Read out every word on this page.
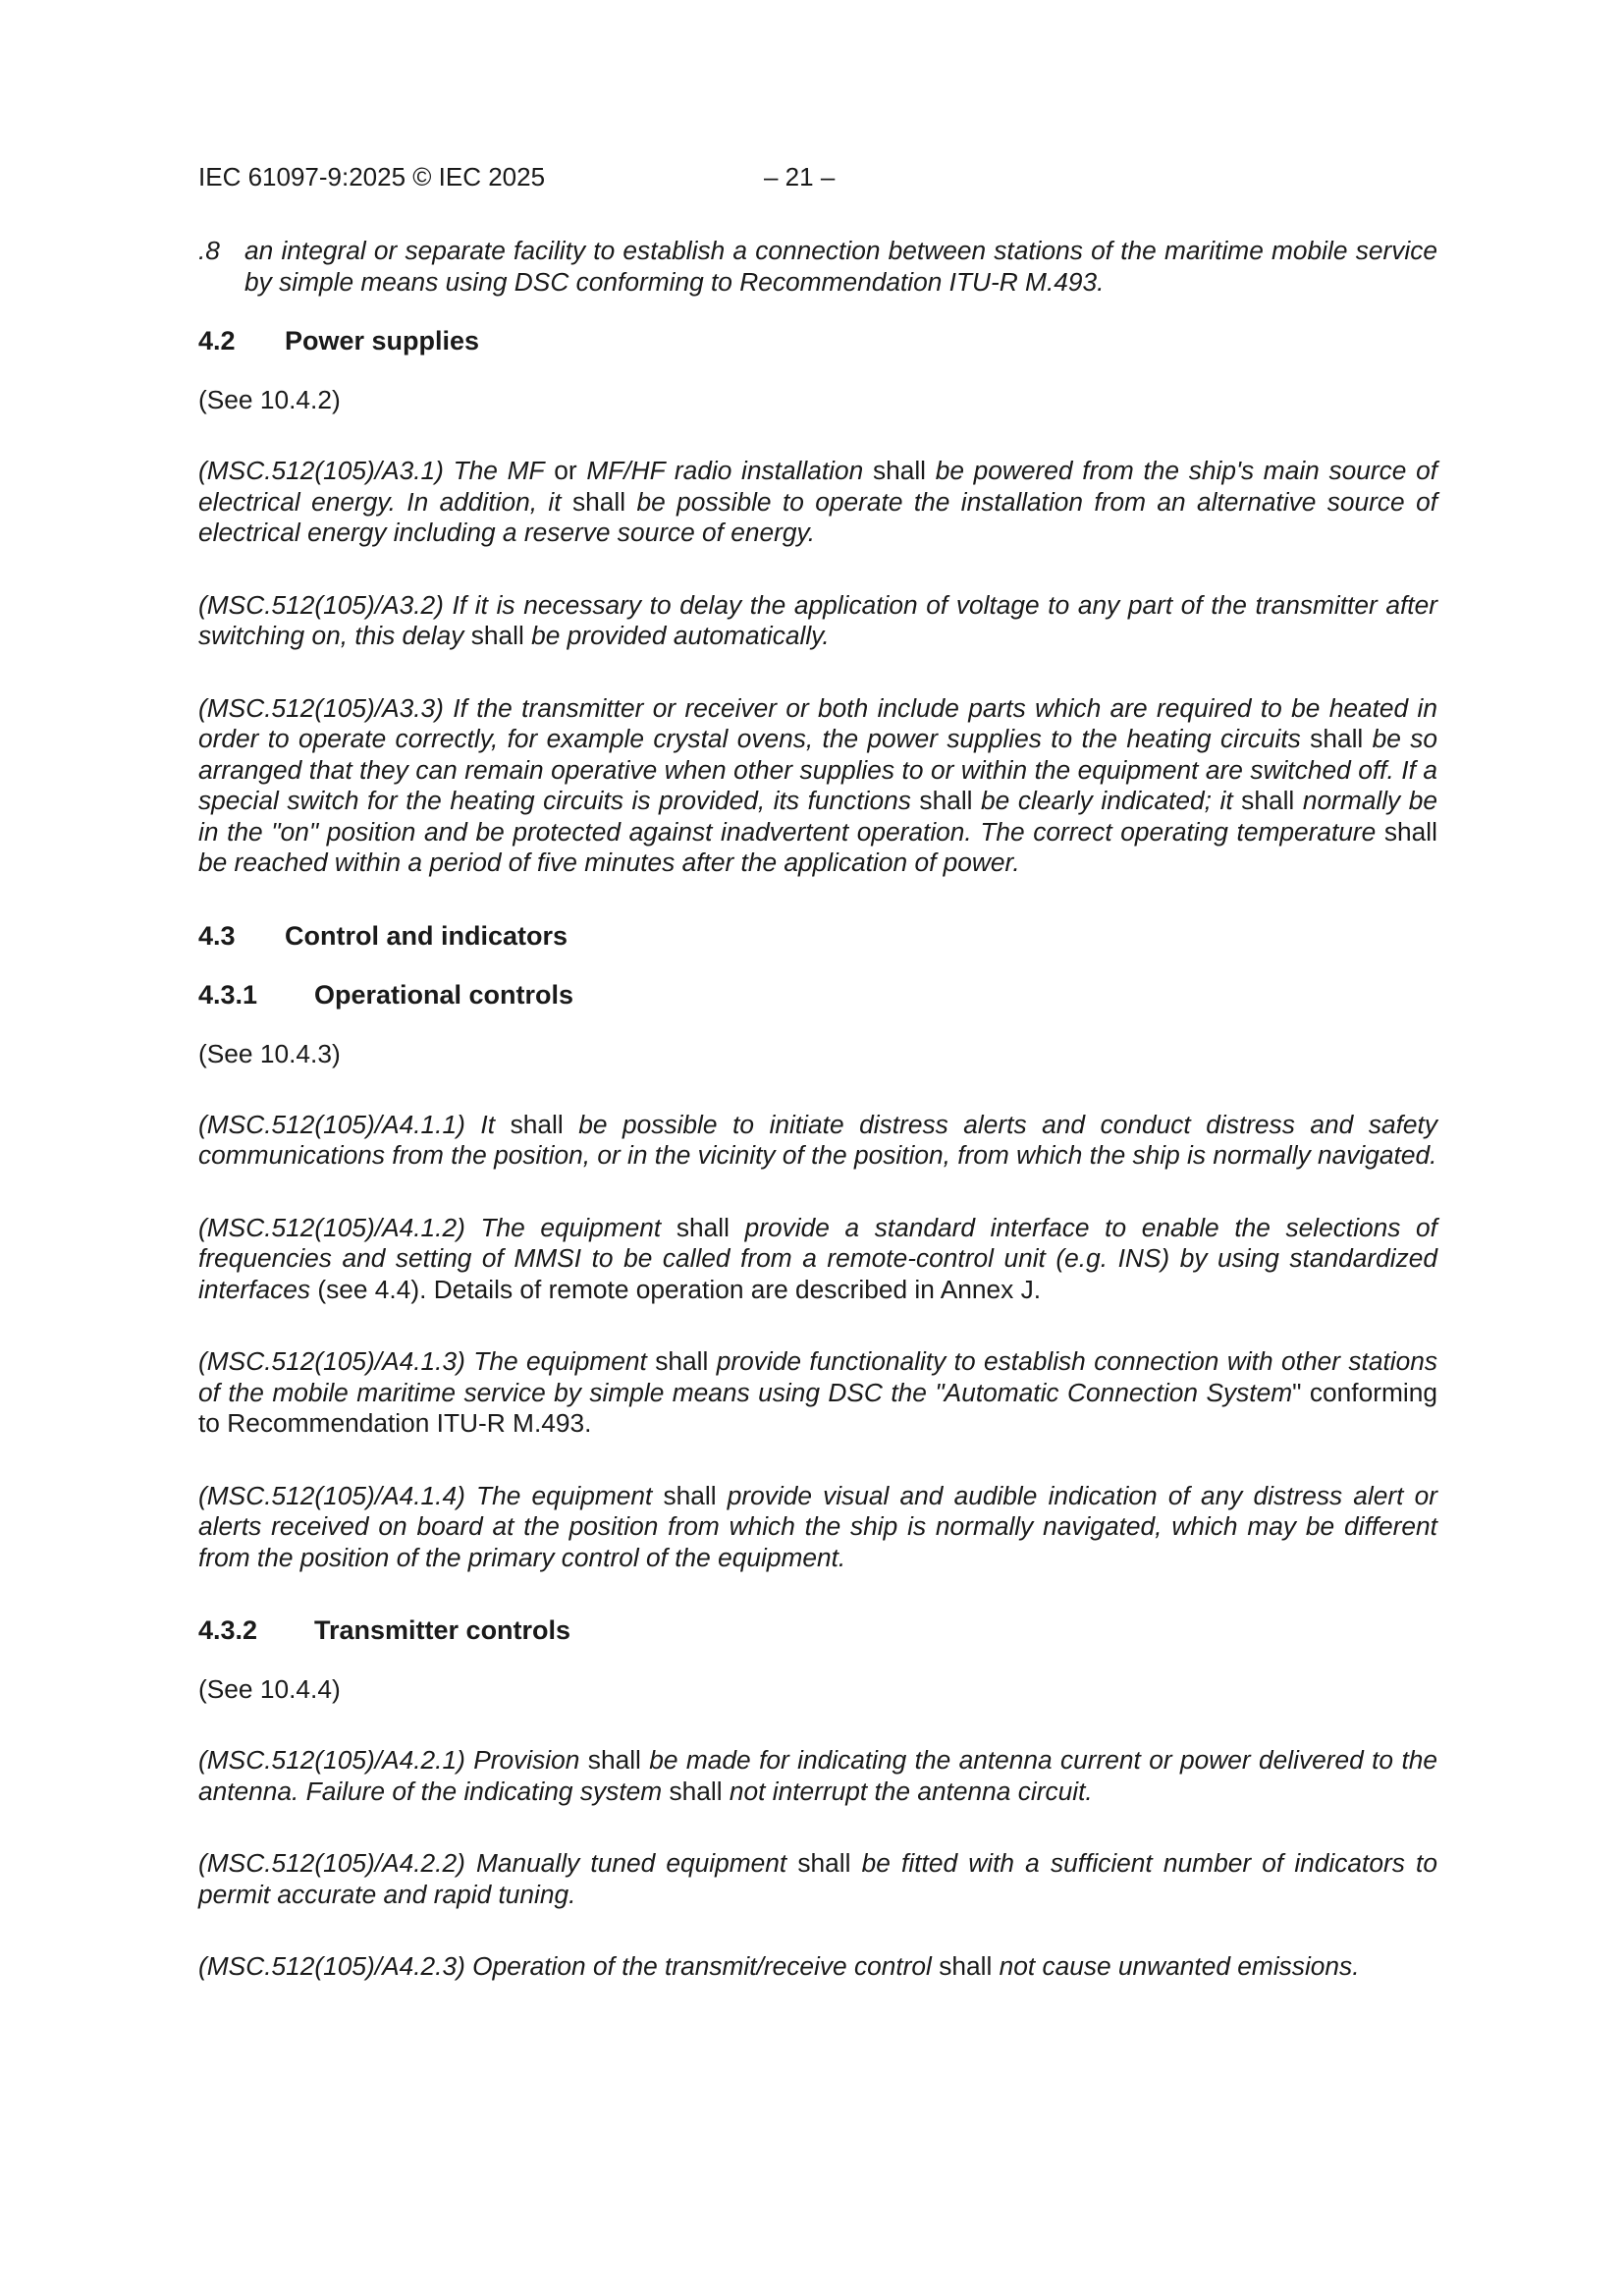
IEC 61097-9:2025 © IEC 2025	– 21 –
.8 an integral or separate facility to establish a connection between stations of the maritime mobile service by simple means using DSC conforming to Recommendation ITU-R M.493.
4.2 Power supplies
(See 10.4.2)

(MSC.512(105)/A3.1) The MF or MF/HF radio installation shall be powered from the ship's main source of electrical energy. In addition, it shall be possible to operate the installation from an alternative source of electrical energy including a reserve source of energy.

(MSC.512(105)/A3.2) If it is necessary to delay the application of voltage to any part of the transmitter after switching on, this delay shall be provided automatically.

(MSC.512(105)/A3.3) If the transmitter or receiver or both include parts which are required to be heated in order to operate correctly, for example crystal ovens, the power supplies to the heating circuits shall be so arranged that they can remain operative when other supplies to or within the equipment are switched off. If a special switch for the heating circuits is provided, its functions shall be clearly indicated; it shall normally be in the "on" position and be protected against inadvertent operation. The correct operating temperature shall be reached within a period of five minutes after the application of power.

4.3 Control and indicators
4.3.1 Operational controls
(See 10.4.3)

(MSC.512(105)/A4.1.1) It shall be possible to initiate distress alerts and conduct distress and safety communications from the position, or in the vicinity of the position, from which the ship is normally navigated.

(MSC.512(105)/A4.1.2) The equipment shall provide a standard interface to enable the selections of frequencies and setting of MMSI to be called from a remote-control unit (e.g. INS) by using standardized interfaces (see 4.4). Details of remote operation are described in Annex J.

(MSC.512(105)/A4.1.3) The equipment shall provide functionality to establish connection with other stations of the mobile maritime service by simple means using DSC the "Automatic Connection System" conforming to Recommendation ITU-R M.493.

(MSC.512(105)/A4.1.4) The equipment shall provide visual and audible indication of any distress alert or alerts received on board at the position from which the ship is normally navigated, which may be different from the position of the primary control of the equipment.

4.3.2 Transmitter controls
(See 10.4.4)

(MSC.512(105)/A4.2.1) Provision shall be made for indicating the antenna current or power delivered to the antenna. Failure of the indicating system shall not interrupt the antenna circuit.

(MSC.512(105)/A4.2.2) Manually tuned equipment shall be fitted with a sufficient number of indicators to permit accurate and rapid tuning.

(MSC.512(105)/A4.2.3) Operation of the transmit/receive control shall not cause unwanted emissions.
